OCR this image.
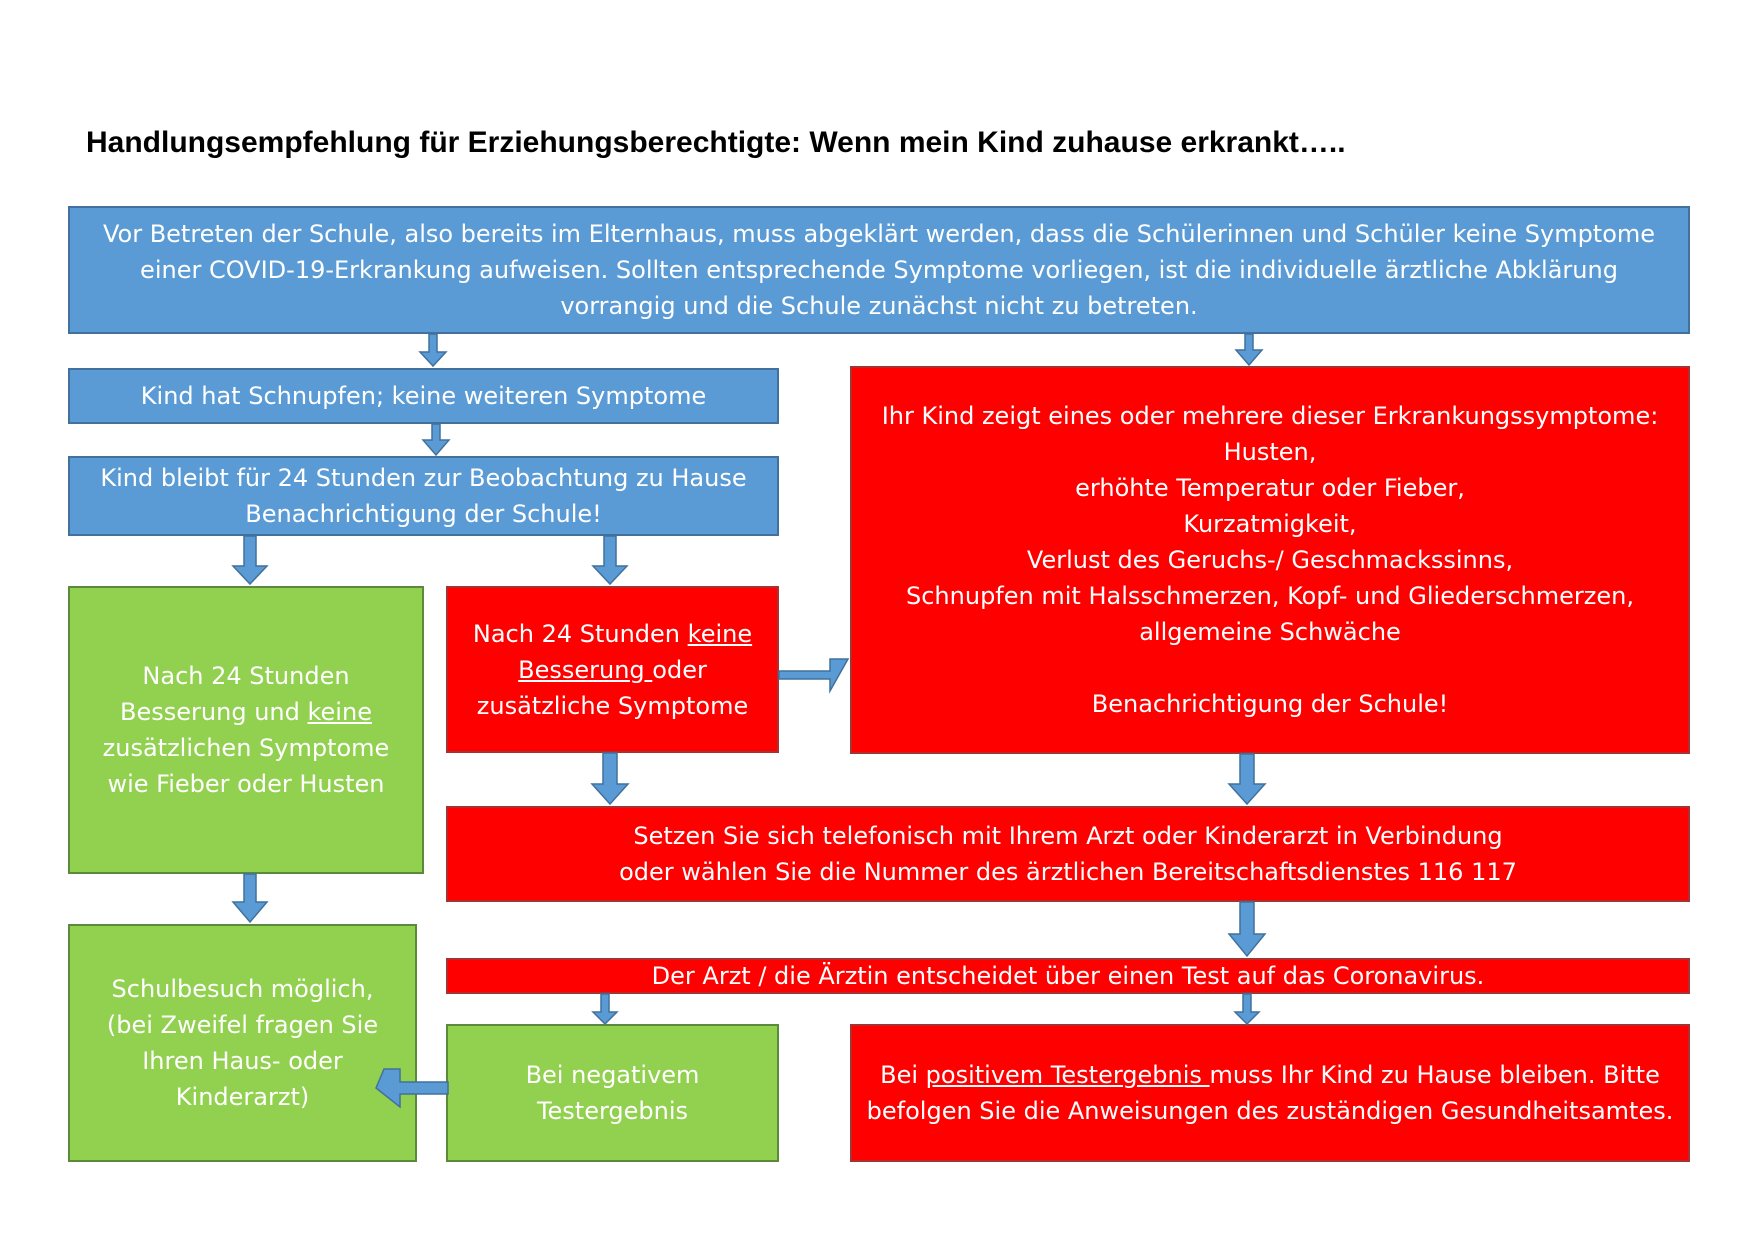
Handlungsempfehlung für Erziehungsberechtigte: Wenn mein Kind zuhause erkrankt…..
Vor Betreten der Schule, also bereits im Elternhaus, muss abgeklärt werden, dass die Schülerinnen und Schüler keine Symptome
einer COVID-19-Erkrankung aufweisen. Sollten entsprechende Symptome vorliegen, ist die individuelle ärztliche Abklärung
vorrangig und die Schule zunächst nicht zu betreten.
Kind hat Schnupfen; keine weiteren Symptome
Kind bleibt für 24 Stunden zur Beobachtung zu Hause
Benachrichtigung der Schule!
Ihr Kind zeigt eines oder mehrere dieser Erkrankungssymptome:
Husten,
erhöhte Temperatur oder Fieber,
Kurzatmigkeit,
Verlust des Geruchs-/ Geschmackssinns,
Schnupfen mit Halsschmerzen, Kopf- und Gliederschmerzen,
allgemeine Schwäche
Benachrichtigung der Schule!
Nach 24 Stunden
Besserung und keine
zusätzlichen Symptome
wie Fieber oder Husten
Nach 24 Stunden keine
Besserung oder
zusätzliche Symptome
Setzen Sie sich telefonisch mit Ihrem Arzt oder Kinderarzt in Verbindung
oder wählen Sie die Nummer des ärztlichen Bereitschaftsdienstes 116 117
Der Arzt / die Ärztin entscheidet über einen Test auf das Coronavirus.
Schulbesuch möglich,
(bei Zweifel fragen Sie
Ihren Haus- oder
Kinderarzt)
Bei negativem
Testergebnis
Bei positivem Testergebnis muss Ihr Kind zu Hause bleiben. Bitte
befolgen Sie die Anweisungen des zuständigen Gesundheitsamtes.
